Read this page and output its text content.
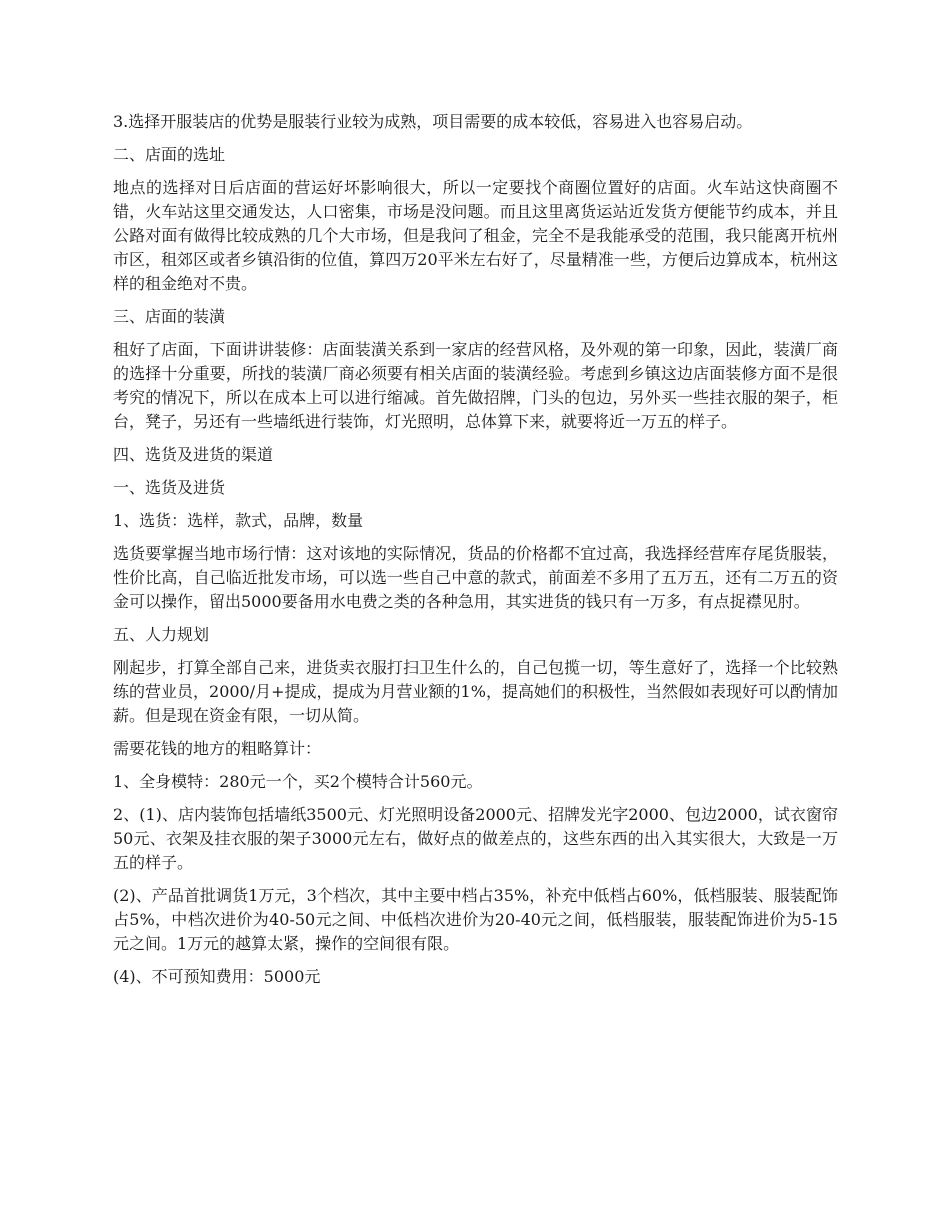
3.选择开服装店的优势是服装行业较为成熟，项目需要的成本较低，容易进入也容易启动。

二、店面的选址

地点的选择对日后店面的营运好坏影响很大，所以一定要找个商圈位置好的店面。火车站这快商圈不错，火车站这里交通发达，人口密集，市场是没问题。而且这里离货运站近发货方便能节约成本，并且公路对面有做得比较成熟的几个大市场，但是我问了租金，完全不是我能承受的范围，我只能离开杭州市区，租郊区或者乡镇沿街的位值，算四万20平米左右好了，尽量精准一些，方便后边算成本，杭州这样的租金绝对不贵。

三、店面的装潢

租好了店面，下面讲讲装修：店面装潢关系到一家店的经营风格，及外观的第一印象，因此，装潢厂商的选择十分重要，所找的装潢厂商必须要有相关店面的装潢经验。考虑到乡镇这边店面装修方面不是很考究的情况下，所以在成本上可以进行缩减。首先做招牌，门头的包边，另外买一些挂衣服的架子，柜台，凳子，另还有一些墙纸进行装饰，灯光照明，总体算下来，就要将近一万五的样子。

四、选货及进货的渠道

一、选货及进货

1、选货：选样，款式，品牌，数量

选货要掌握当地市场行情：这对该地的实际情况，货品的价格都不宜过高，我选择经营库存尾货服装，性价比高，自己临近批发市场，可以选一些自己中意的款式，前面差不多用了五万五，还有二万五的资金可以操作，留出5000要备用水电费之类的各种急用，其实进货的钱只有一万多，有点捉襟见肘。

五、人力规划

刚起步，打算全部自己来，进货卖衣服打扫卫生什么的，自己包揽一切，等生意好了，选择一个比较熟练的营业员，2000/月+提成，提成为月营业额的1%，提高她们的积极性，当然假如表现好可以酌情加薪。但是现在资金有限，一切从简。

需要花钱的地方的粗略算计：

1、全身模特：280元一个，买2个模特合计560元。

2、(1)、店内装饰包括墙纸3500元、灯光照明设备2000元、招牌发光字2000、包边2000，试衣窗帘50元、衣架及挂衣服的架子3000元左右，做好点的做差点的，这些东西的出入其实很大，大致是一万五的样子。

(2)、产品首批调货1万元，3个档次，其中主要中档占35%，补充中低档占60%，低档服装、服装配饰占5%，中档次进价为40-50元之间、中低档次进价为20-40元之间，低档服装，服装配饰进价为5-15元之间。1万元的越算太紧，操作的空间很有限。

(4)、不可预知费用：5000元
